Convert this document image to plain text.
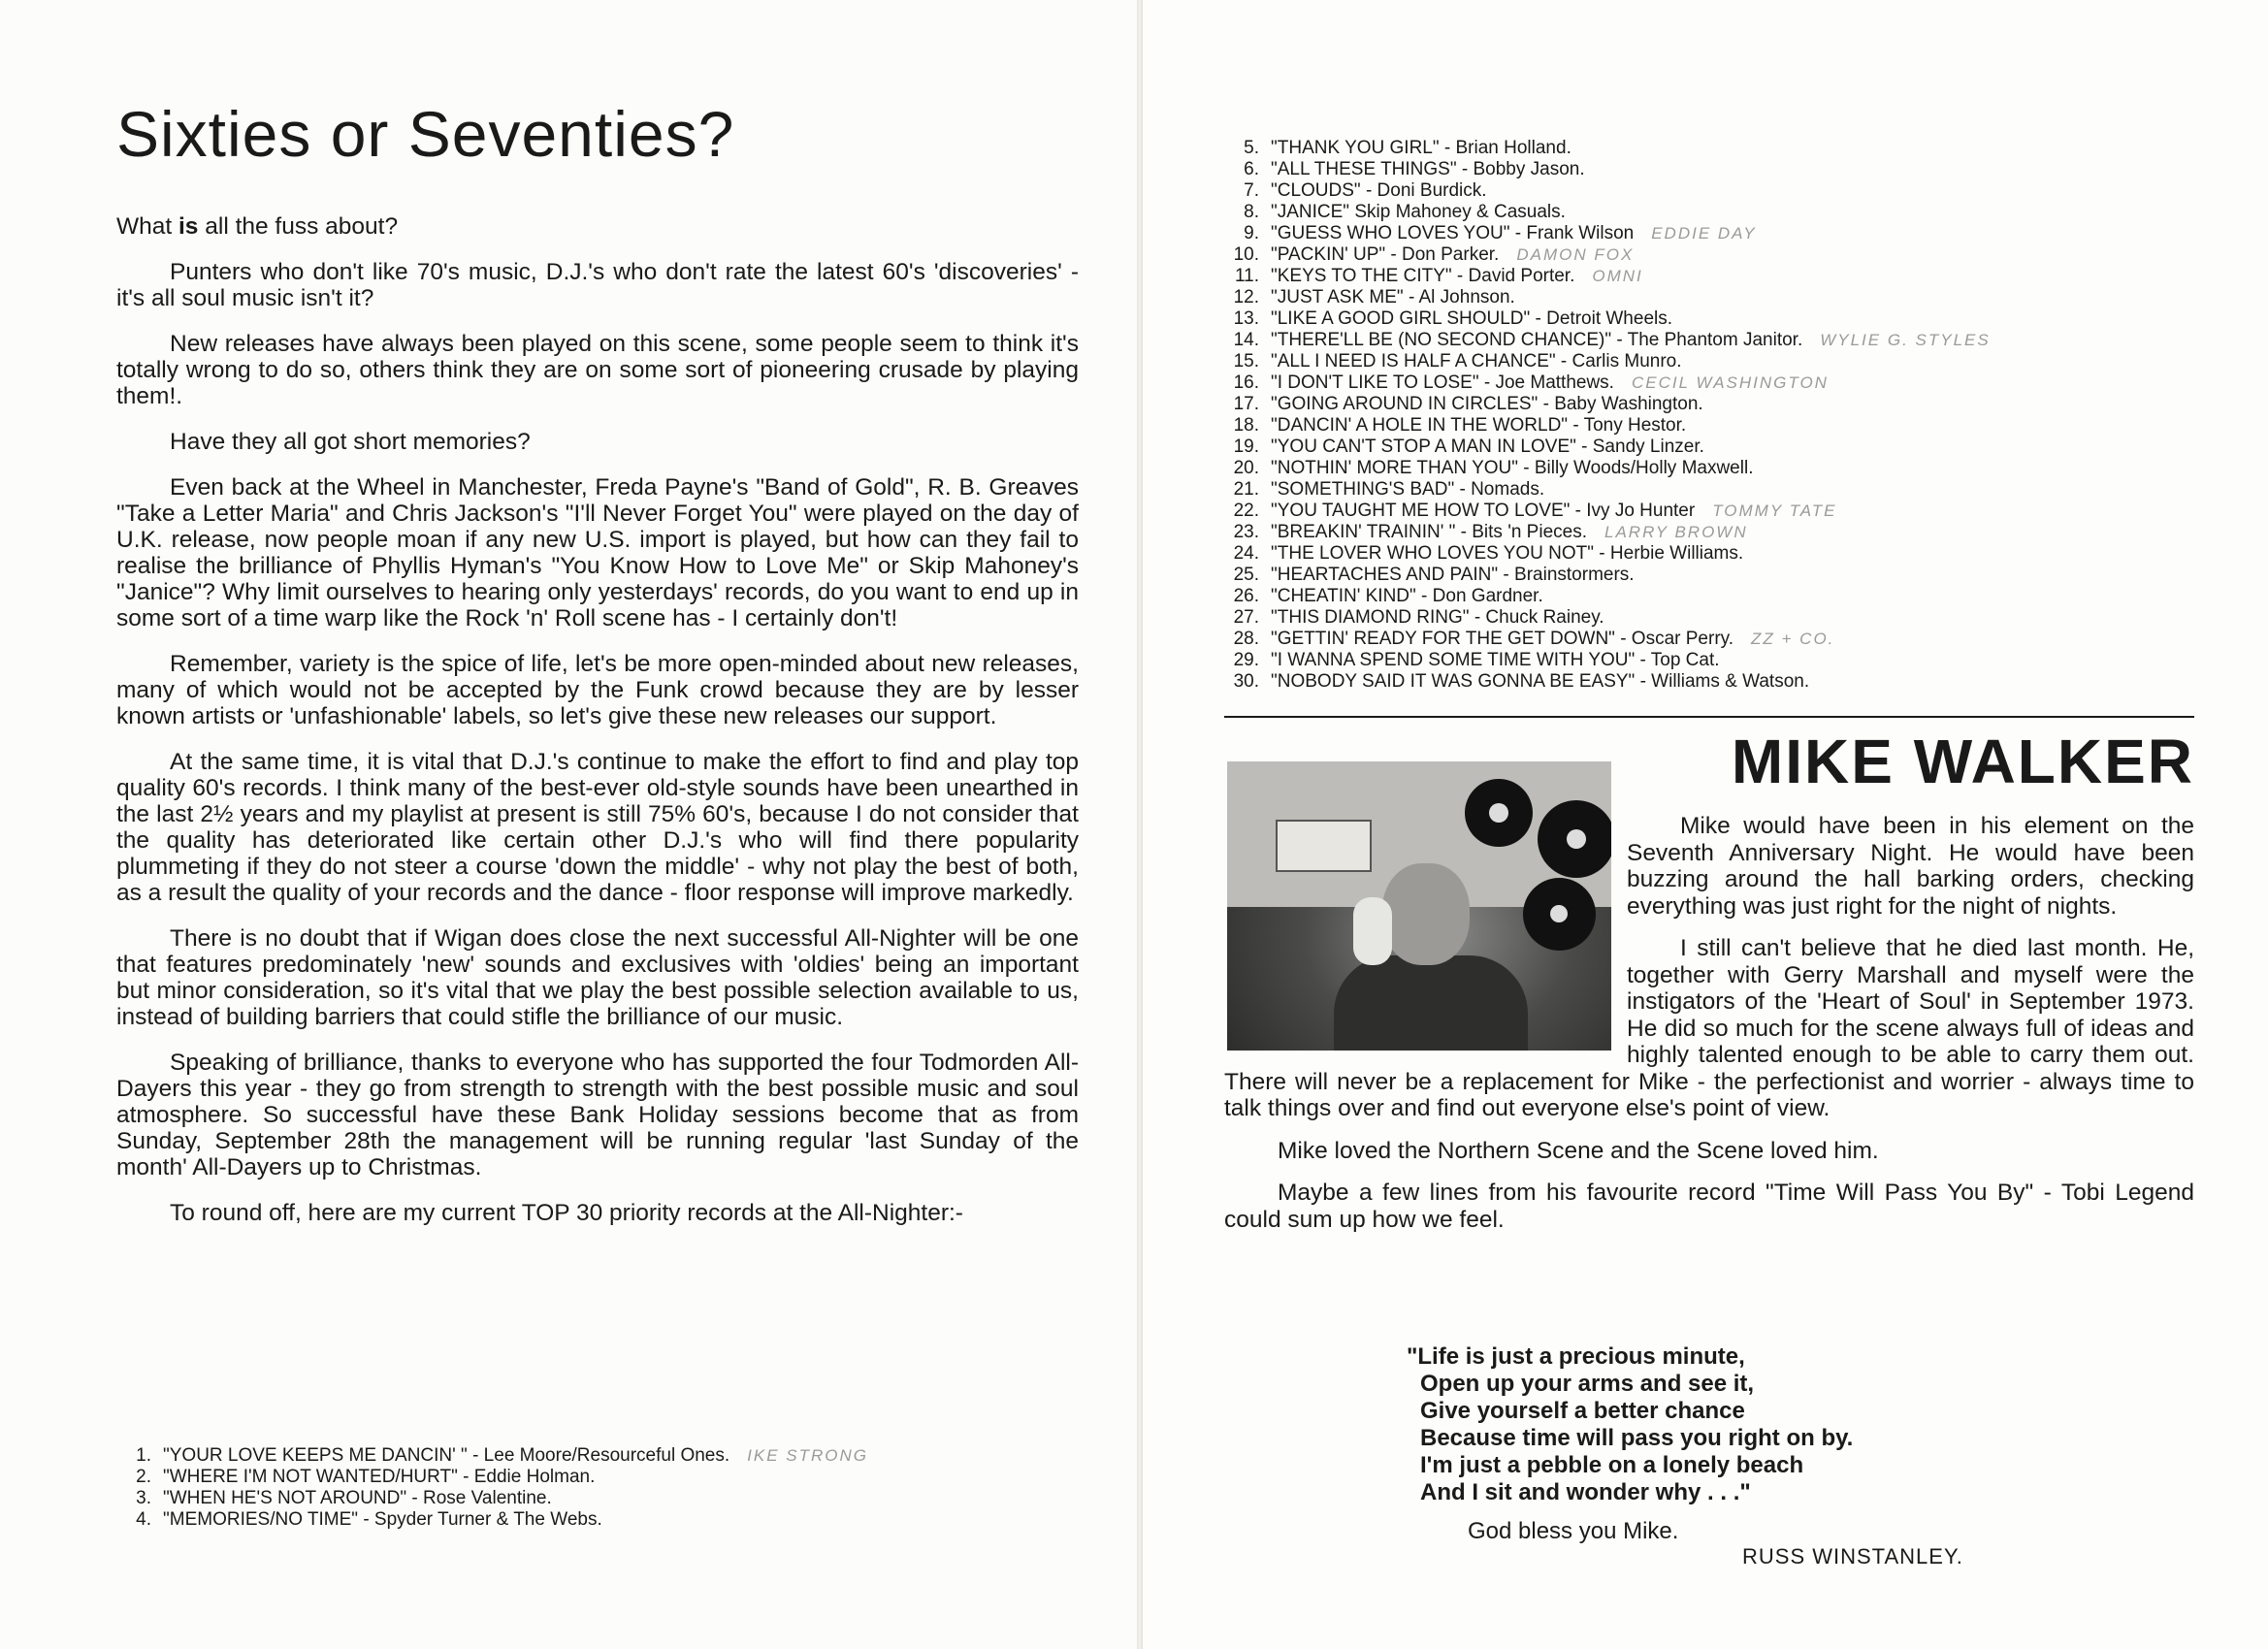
Sixties or Seventies?

What is all the fuss about?

Punters who don't like 70's music, D.J.'s who don't rate the latest 60's 'discoveries' - it's all soul music isn't it?

New releases have always been played on this scene, some people seem to think it's totally wrong to do so, others think they are on some sort of pioneering crusade by playing them!.

Have they all got short memories?

Even back at the Wheel in Manchester, Freda Payne's "Band of Gold", R. B. Greaves "Take a Letter Maria" and Chris Jackson's "I'll Never Forget You" were played on the day of U.K. release, now people moan if any new U.S. import is played, but how can they fail to realise the brilliance of Phyllis Hyman's "You Know How to Love Me" or Skip Mahoney's "Janice"? Why limit ourselves to hearing only yesterdays' records, do you want to end up in some sort of a time warp like the Rock 'n' Roll scene has - I certainly don't!

Remember, variety is the spice of life, let's be more open-minded about new releases, many of which would not be accepted by the Funk crowd because they are by lesser known artists or 'unfashionable' labels, so let's give these new releases our support.

At the same time, it is vital that D.J.'s continue to make the effort to find and play top quality 60's records. I think many of the best-ever old-style sounds have been unearthed in the last 2½ years and my playlist at present is still 75% 60's, because I do not consider that the quality has deteriorated like certain other D.J.'s who will find there popularity plummeting if they do not steer a course 'down the middle' - why not play the best of both, as a result the quality of your records and the dance - floor response will improve markedly.

There is no doubt that if Wigan does close the next successful All-Nighter will be one that features predominately 'new' sounds and exclusives with 'oldies' being an important but minor consideration, so it's vital that we play the best possible selection available to us, instead of building barriers that could stifle the brilliance of our music.

Speaking of brilliance, thanks to everyone who has supported the four Todmorden All-Dayers this year - they go from strength to strength with the best possible music and soul atmosphere. So successful have these Bank Holiday sessions become that as from Sunday, September 28th the management will be running regular 'last Sunday of the month' All-Dayers up to Christmas.

To round off, here are my current TOP 30 priority records at the All-Nighter:-

1. "YOUR LOVE KEEPS ME DANCIN' " - Lee Moore/Resourceful Ones. IKE STRONG
2. "WHERE I'M NOT WANTED/HURT" - Eddie Holman.
3. "WHEN HE'S NOT AROUND" - Rose Valentine.
4. "MEMORIES/NO TIME" - Spyder Turner & The Webs.
5. "THANK YOU GIRL" - Brian Holland.
6. "ALL THESE THINGS" - Bobby Jason.
7. "CLOUDS" - Doni Burdick.
8. "JANICE" Skip Mahoney & Casuals.
9. "GUESS WHO LOVES YOU" - Frank Wilson EDDIE DAY
10. "PACKIN' UP" - Don Parker. DAMON FOX
11. "KEYS TO THE CITY" - David Porter. OMNI
12. "JUST ASK ME" - Al Johnson.
13. "LIKE A GOOD GIRL SHOULD" - Detroit Wheels.
14. "THERE'LL BE (NO SECOND CHANCE)" - The Phantom Janitor. WYLIE G. STYLES
15. "ALL I NEED IS HALF A CHANCE" - Carlis Munro.
16. "I DON'T LIKE TO LOSE" - Joe Matthews. CECIL WASHINGTON
17. "GOING AROUND IN CIRCLES" - Baby Washington.
18. "DANCIN' A HOLE IN THE WORLD" - Tony Hestor.
19. "YOU CAN'T STOP A MAN IN LOVE" - Sandy Linzer.
20. "NOTHIN' MORE THAN YOU" - Billy Woods/Holly Maxwell.
21. "SOMETHING'S BAD" - Nomads.
22. "YOU TAUGHT ME HOW TO LOVE" - Ivy Jo Hunter TOMMY TATE
23. "BREAKIN' TRAININ' " - Bits 'n Pieces. LARRY BROWN
24. "THE LOVER WHO LOVES YOU NOT" - Herbie Williams.
25. "HEARTACHES AND PAIN" - Brainstormers.
26. "CHEATIN' KIND" - Don Gardner.
27. "THIS DIAMOND RING" - Chuck Rainey.
28. "GETTIN' READY FOR THE GET DOWN" - Oscar Perry. ZZ + CO.
29. "I WANNA SPEND SOME TIME WITH YOU" - Top Cat.
30. "NOBODY SAID IT WAS GONNA BE EASY" - Williams & Watson.
MIKE WALKER

Mike would have been in his element on the Seventh Anniversary Night. He would have been buzzing around the hall barking orders, checking everything was just right for the night of nights.

I still can't believe that he died last month. He, together with Gerry Marshall and myself were the instigators of the 'Heart of Soul' in September 1973. He did so much for the scene always full of ideas and highly talented enough to be able to carry them out. There will never be a replacement for Mike - the perfectionist and worrier - always time to talk things over and find out everyone else's point of view.

Mike loved the Northern Scene and the Scene loved him.

Maybe a few lines from his favourite record "Time Will Pass You By" - Tobi Legend could sum up how we feel.

"Life is just a precious minute,
Open up your arms and see it,
Give yourself a better chance
Because time will pass you right on by.
I'm just a pebble on a lonely beach
And I sit and wonder why . . ."
God bless you Mike.
RUSS WINSTANLEY.
